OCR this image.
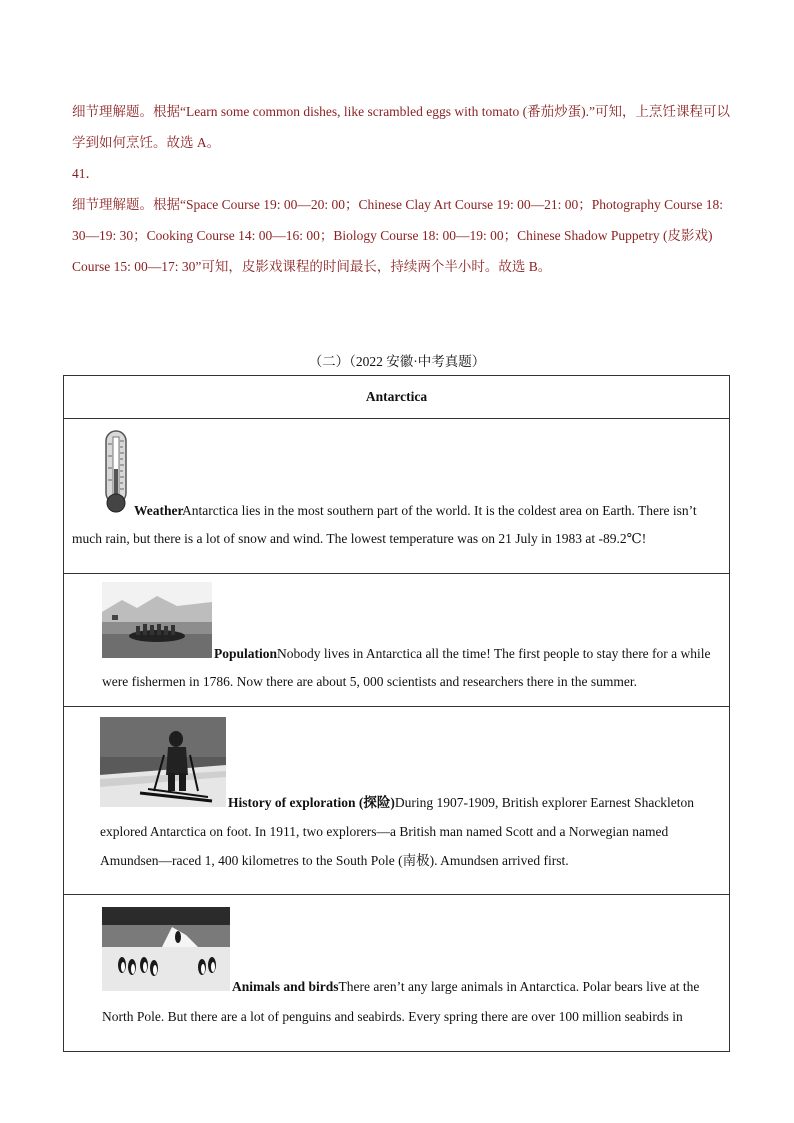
细节理解题。根据“Learn some common dishes, like scrambled eggs with tomato (番茄炒蛋).”可知，上烹饪课程可以学到如何烹饪。故选 A。

41．

细节理解题。根据“Space Course 19: 00—20: 00；Chinese Clay Art Course 19: 00—21: 00；Photography Course 18: 30—19: 30；Cooking Course 14: 00—16: 00；Biology Course 18: 00—19: 00；Chinese Shadow Puppetry (皮影戏) Course 15: 00—17: 30”可知，皮影戏课程的时间最长，持续两个半小时。故选 B。

（二）（2022 安徽·中考真题）
Antarctica

Weather
Antarctica lies in the most southern part of the world. It is the coldest area on Earth. There isn’t much rain, but there is a lot of snow and wind. The lowest temperature was on 21 July in 1983 at -89.2℃!

PopulationNobody lives in Antarctica all the time! The first people to stay there for a while were fishermen in 1786. Now there are about 5, 000 scientists and researchers there in the summer.

History of exploration (探险)During 1907-1909, British explorer Earnest Shackleton explored Antarctica on foot. In 1911, two explorers—a British man named Scott and a Norwegian named Amundsen—raced 1, 400 kilometres to the South Pole (南极). Amundsen arrived first.

Animals and birdsThere aren’t any large animals in Antarctica. Polar bears live at the North Pole. But there are a lot of penguins and seabirds. Every spring there are over 100 million seabirds in
